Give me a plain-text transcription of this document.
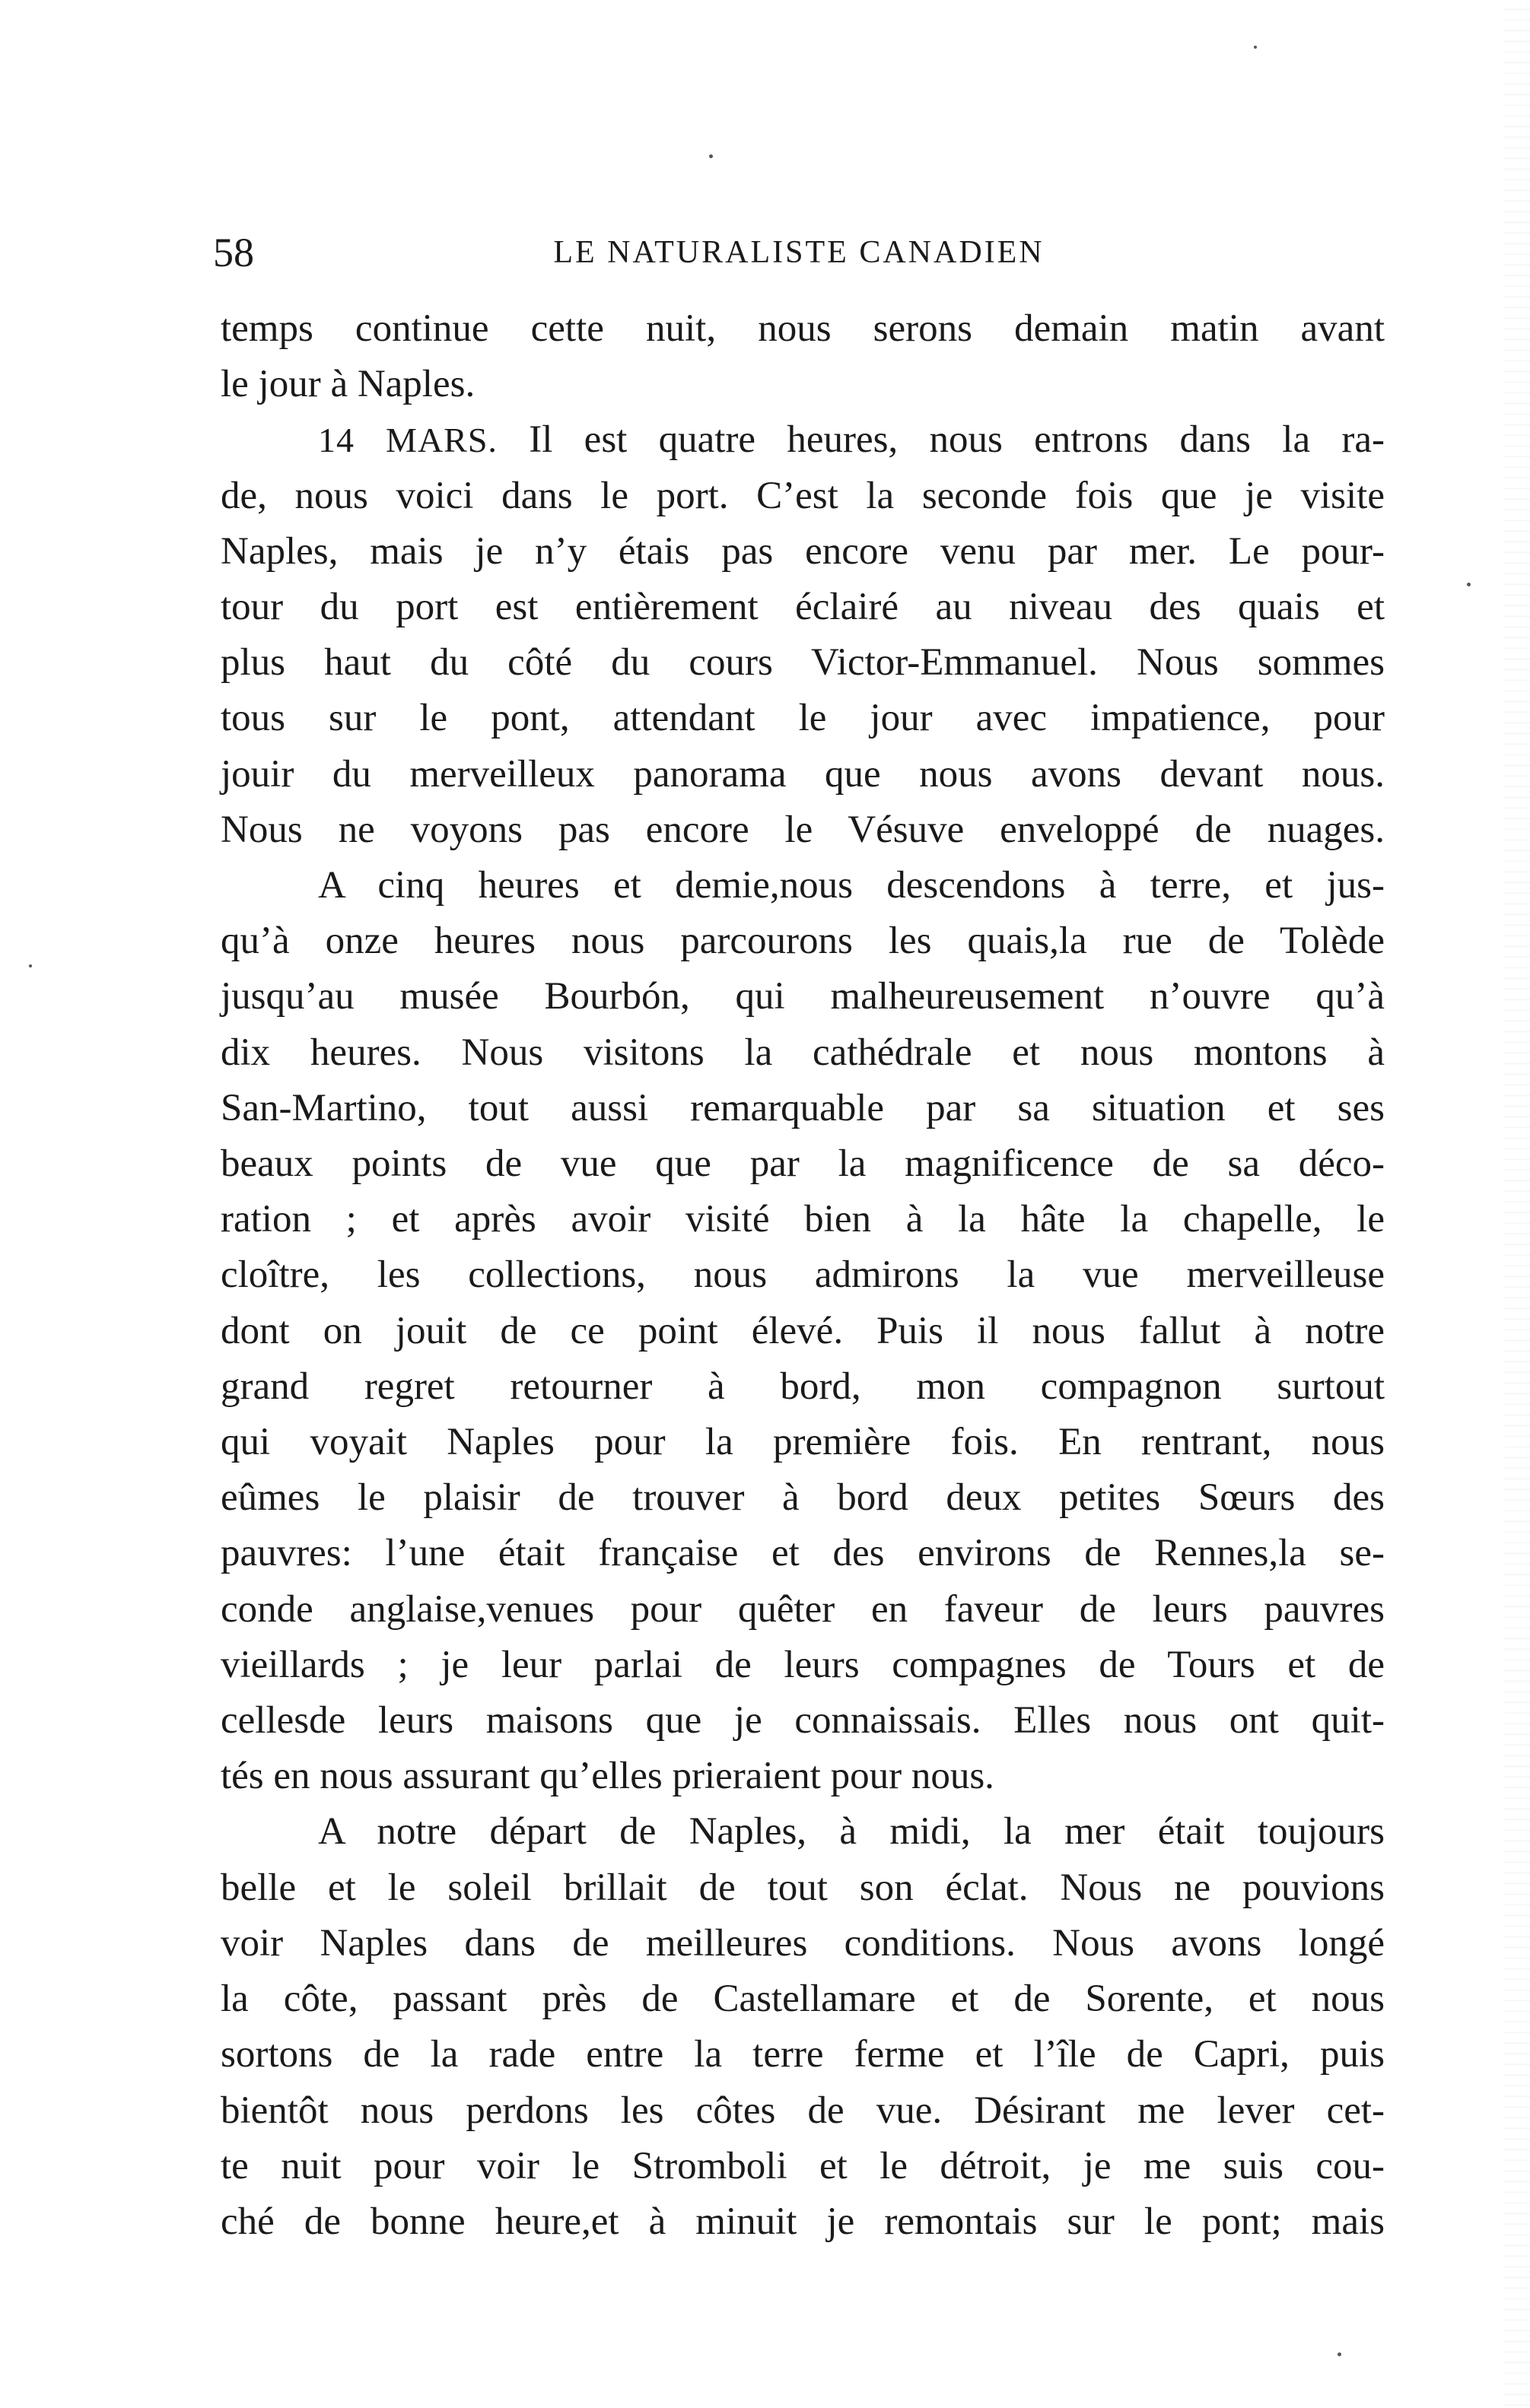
58	LE NATURALISTE CANADIEN
temps continue cette nuit, nous serons demain matin avant
le jour à Naples.
14 MARS. Il est quatre heures, nous entrons dans la ra-
de, nous voici dans le port. C’est la seconde fois que je visite
Naples, mais je n’y étais pas encore venu par mer. Le pour-
tour du port est entièrement éclairé au niveau des quais et
plus haut du côté du cours Victor-Emmanuel. Nous sommes
tous sur le pont, attendant le jour avec impatience, pour
jouir du merveilleux panorama que nous avons devant nous.
Nous ne voyons pas encore le Vésuve enveloppé de nuages.
A cinq heures et demie,nous descendons à terre, et jus-
qu’à onze heures nous parcourons les quais,la rue de Tolède
jusqu’au musée Bourbón, qui malheureusement n’ouvre qu’à
dix heures. Nous visitons la cathédrale et nous montons à
San-Martino, tout aussi remarquable par sa situation et ses
beaux points de vue que par la magnificence de sa déco-
ration ; et après avoir visité bien à la hâte la chapelle, le
cloître, les collections, nous admirons la vue merveilleuse
dont on jouit de ce point élevé. Puis il nous fallut à notre
grand regret retourner à bord, mon compagnon surtout
qui voyait Naples pour la première fois. En rentrant, nous
eûmes le plaisir de trouver à bord deux petites Sœurs des
pauvres: l’une était française et des environs de Rennes,la se-
conde anglaise,venues pour quêter en faveur de leurs pauvres
vieillards ; je leur parlai de leurs compagnes de Tours et de
cellesde leurs maisons que je connaissais. Elles nous ont quit-
tés en nous assurant qu’elles prieraient pour nous.
A notre départ de Naples, à midi, la mer était toujours
belle et le soleil brillait de tout son éclat. Nous ne pouvions
voir Naples dans de meilleures conditions. Nous avons longé
la côte, passant près de Castellamare et de Sorente, et nous
sortons de la rade entre la terre ferme et l’île de Capri, puis
bientôt nous perdons les côtes de vue. Désirant me lever cet-
te nuit pour voir le Stromboli et le détroit, je me suis cou-
ché de bonne heure,et à minuit je remontais sur le pont; mais
